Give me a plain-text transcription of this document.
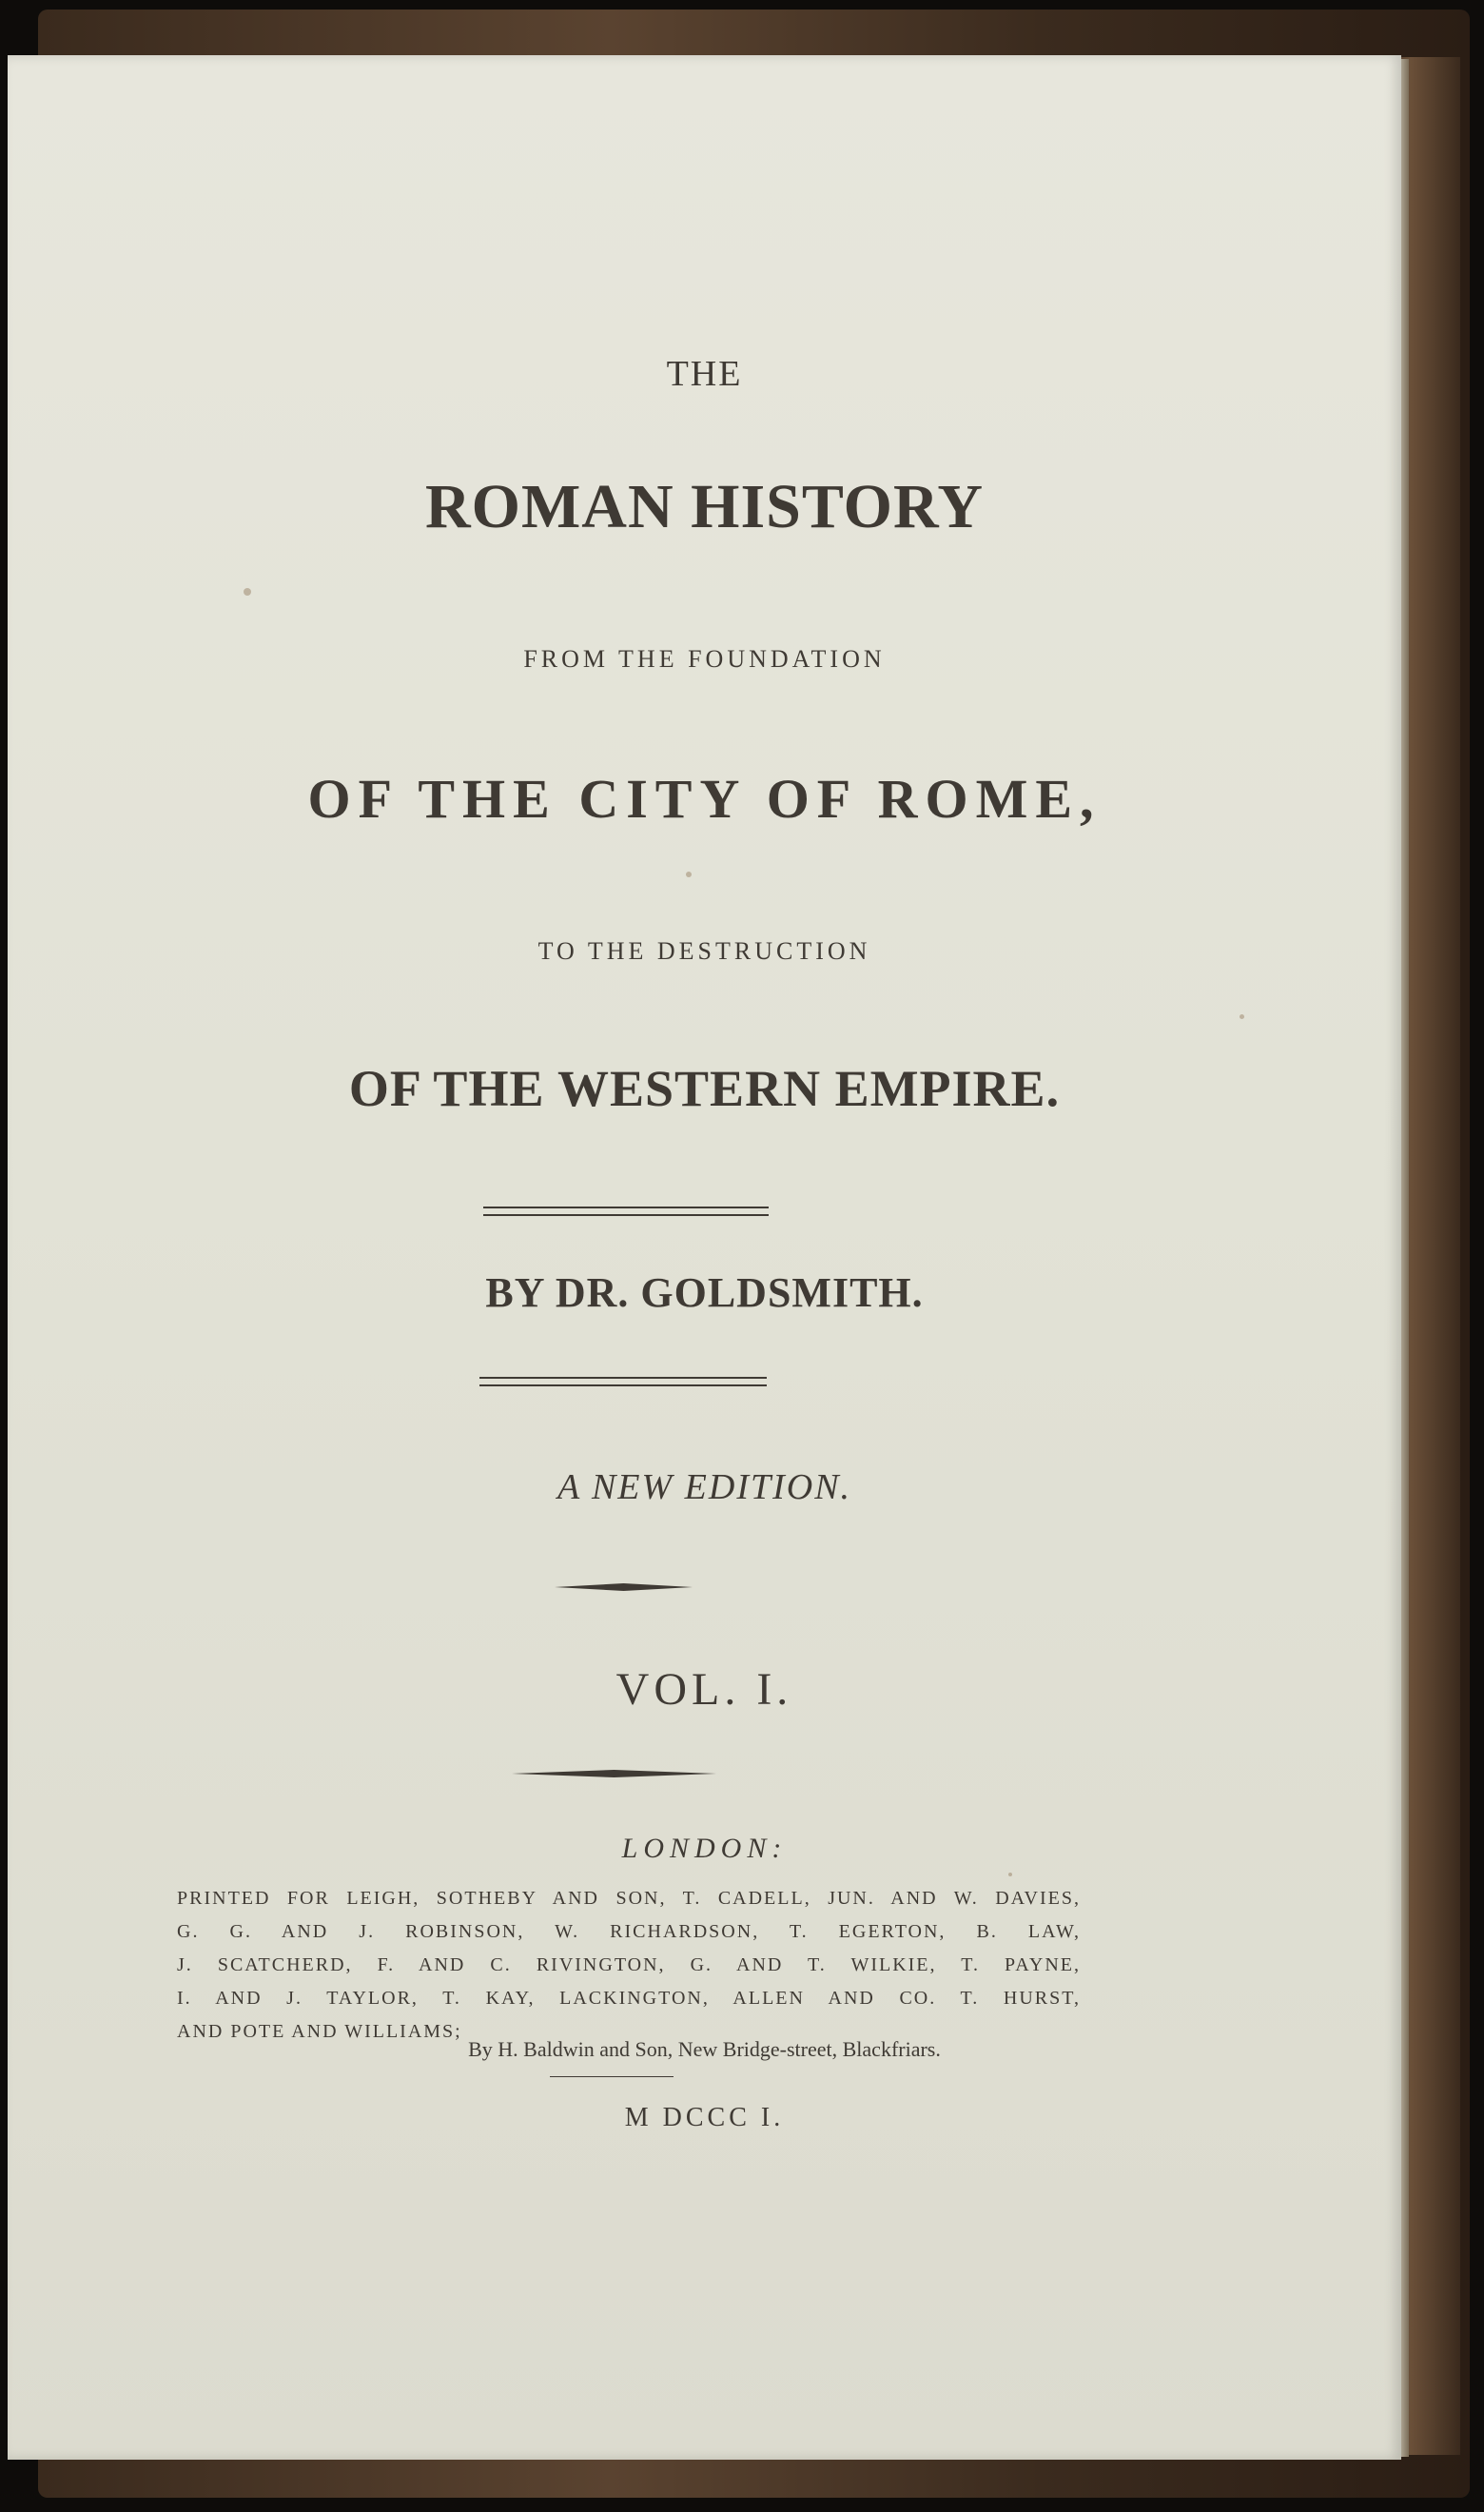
THE
ROMAN HISTORY
FROM THE FOUNDATION
OF THE CITY OF ROME,
TO THE DESTRUCTION
OF THE WESTERN EMPIRE.
BY DR. GOLDSMITH.
A NEW EDITION.
VOL. I.
LONDON:
PRINTED FOR LEIGH, SOTHEBY AND SON, T. CADELL, JUN. AND W. DAVIES,
G. G. AND J. ROBINSON, W. RICHARDSON, T. EGERTON, B. LAW,
J. SCATCHERD, F. AND C. RIVINGTON, G. AND T. WILKIE, T. PAYNE,
I. AND J. TAYLOR, T. KAY, LACKINGTON, ALLEN AND CO. T. HURST,
AND POTE AND WILLIAMS;
By H. Baldwin and Son, New Bridge-street, Blackfriars.
M DCCC I.
